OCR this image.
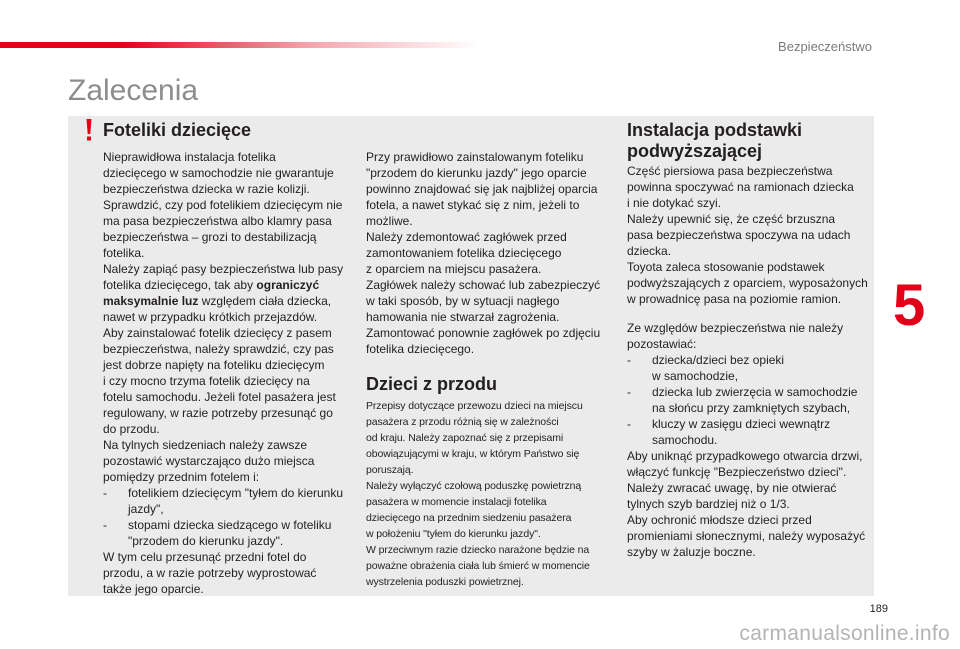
Bezpieczeństwo
Zalecenia
Foteliki dziecięce

Nieprawidłowa instalacja fotelika

dziecięcego w samochodzie nie gwarantuje

bezpieczeństwa dziecka w razie kolizji.

Sprawdzić, czy pod fotelikiem dziecięcym nie

ma pasa bezpieczeństwa albo klamry pasa

bezpieczeństwa – grozi to destabilizacją

fotelika.

Należy zapiąć pasy bezpieczeństwa lub pasy

fotelika dziecięcego, tak aby ograniczyć

maksymalnie luz względem ciała dziecka,

nawet w przypadku krótkich przejazdów.

Aby zainstalować fotelik dziecięcy z pasem

bezpieczeństwa, należy sprawdzić, czy pas

jest dobrze napięty na foteliku dziecięcym

i czy mocno trzyma fotelik dziecięcy na

fotelu samochodu. Jeżeli fotel pasażera jest

regulowany, w razie potrzeby przesunąć go

do przodu.

Na tylnych siedzeniach należy zawsze

pozostawić wystarczająco dużo miejsca

pomiędzy przednim fotelem i:

- fotelikiem dziecięcym "tyłem do kierunku

jazdy",

- stopami dziecka siedzącego w foteliku

"przodem do kierunku jazdy".

W tym celu przesunąć przedni fotel do

przodu, a w razie potrzeby wyprostować

także jego oparcie.

Przy prawidłowo zainstalowanym foteliku

"przodem do kierunku jazdy" jego oparcie

powinno znajdować się jak najbliżej oparcia

fotela, a nawet stykać się z nim, jeżeli to

możliwe.

Należy zdemontować zagłówek przed

zamontowaniem fotelika dziecięcego

z oparciem na miejscu pasażera.

Zagłówek należy schować lub zabezpieczyć

w taki sposób, by w sytuacji nagłego

hamowania nie stwarzał zagrożenia.

Zamontować ponownie zagłówek po zdjęciu

fotelika dziecięcego.

Dzieci z przodu

Przepisy dotyczące przewozu dzieci na miejscu

pasażera z przodu różnią się w zależności

od kraju. Należy zapoznać się z przepisami

obowiązującymi w kraju, w którym Państwo się

poruszają.

Należy wyłączyć czołową poduszkę powietrzną

pasażera w momencie instalacji fotelika

dziecięcego na przednim siedzeniu pasażera

w położeniu "tyłem do kierunku jazdy".

W przeciwnym razie dziecko narażone będzie na

poważne obrażenia ciała lub śmierć w momencie

wystrzelenia poduszki powietrznej.

Instalacja podstawki
podwyższającej

Część piersiowa pasa bezpieczeństwa

powinna spoczywać na ramionach dziecka

i nie dotykać szyi.

Należy upewnić się, że część brzuszna

pasa bezpieczeństwa spoczywa na udach

dziecka.

Toyota zaleca stosowanie podstawek

podwyższających z oparciem, wyposażonych

w prowadnicę pasa na poziomie ramion.

Ze względów bezpieczeństwa nie należy

pozostawiać:

- dziecka/dzieci bez opieki

w samochodzie,

- dziecka lub zwierzęcia w samochodzie

na słońcu przy zamkniętych szybach,

- kluczy w zasięgu dzieci wewnątrz

samochodu.

Aby uniknąć przypadkowego otwarcia drzwi,

włączyć funkcję "Bezpieczeństwo dzieci".

Należy zwracać uwagę, by nie otwierać

tylnych szyb bardziej niż o 1/3.

Aby ochronić młodsze dzieci przed

promieniami słonecznymi, należy wyposażyć

szyby w żaluzje boczne.

5
189
carmanualsonline.info
